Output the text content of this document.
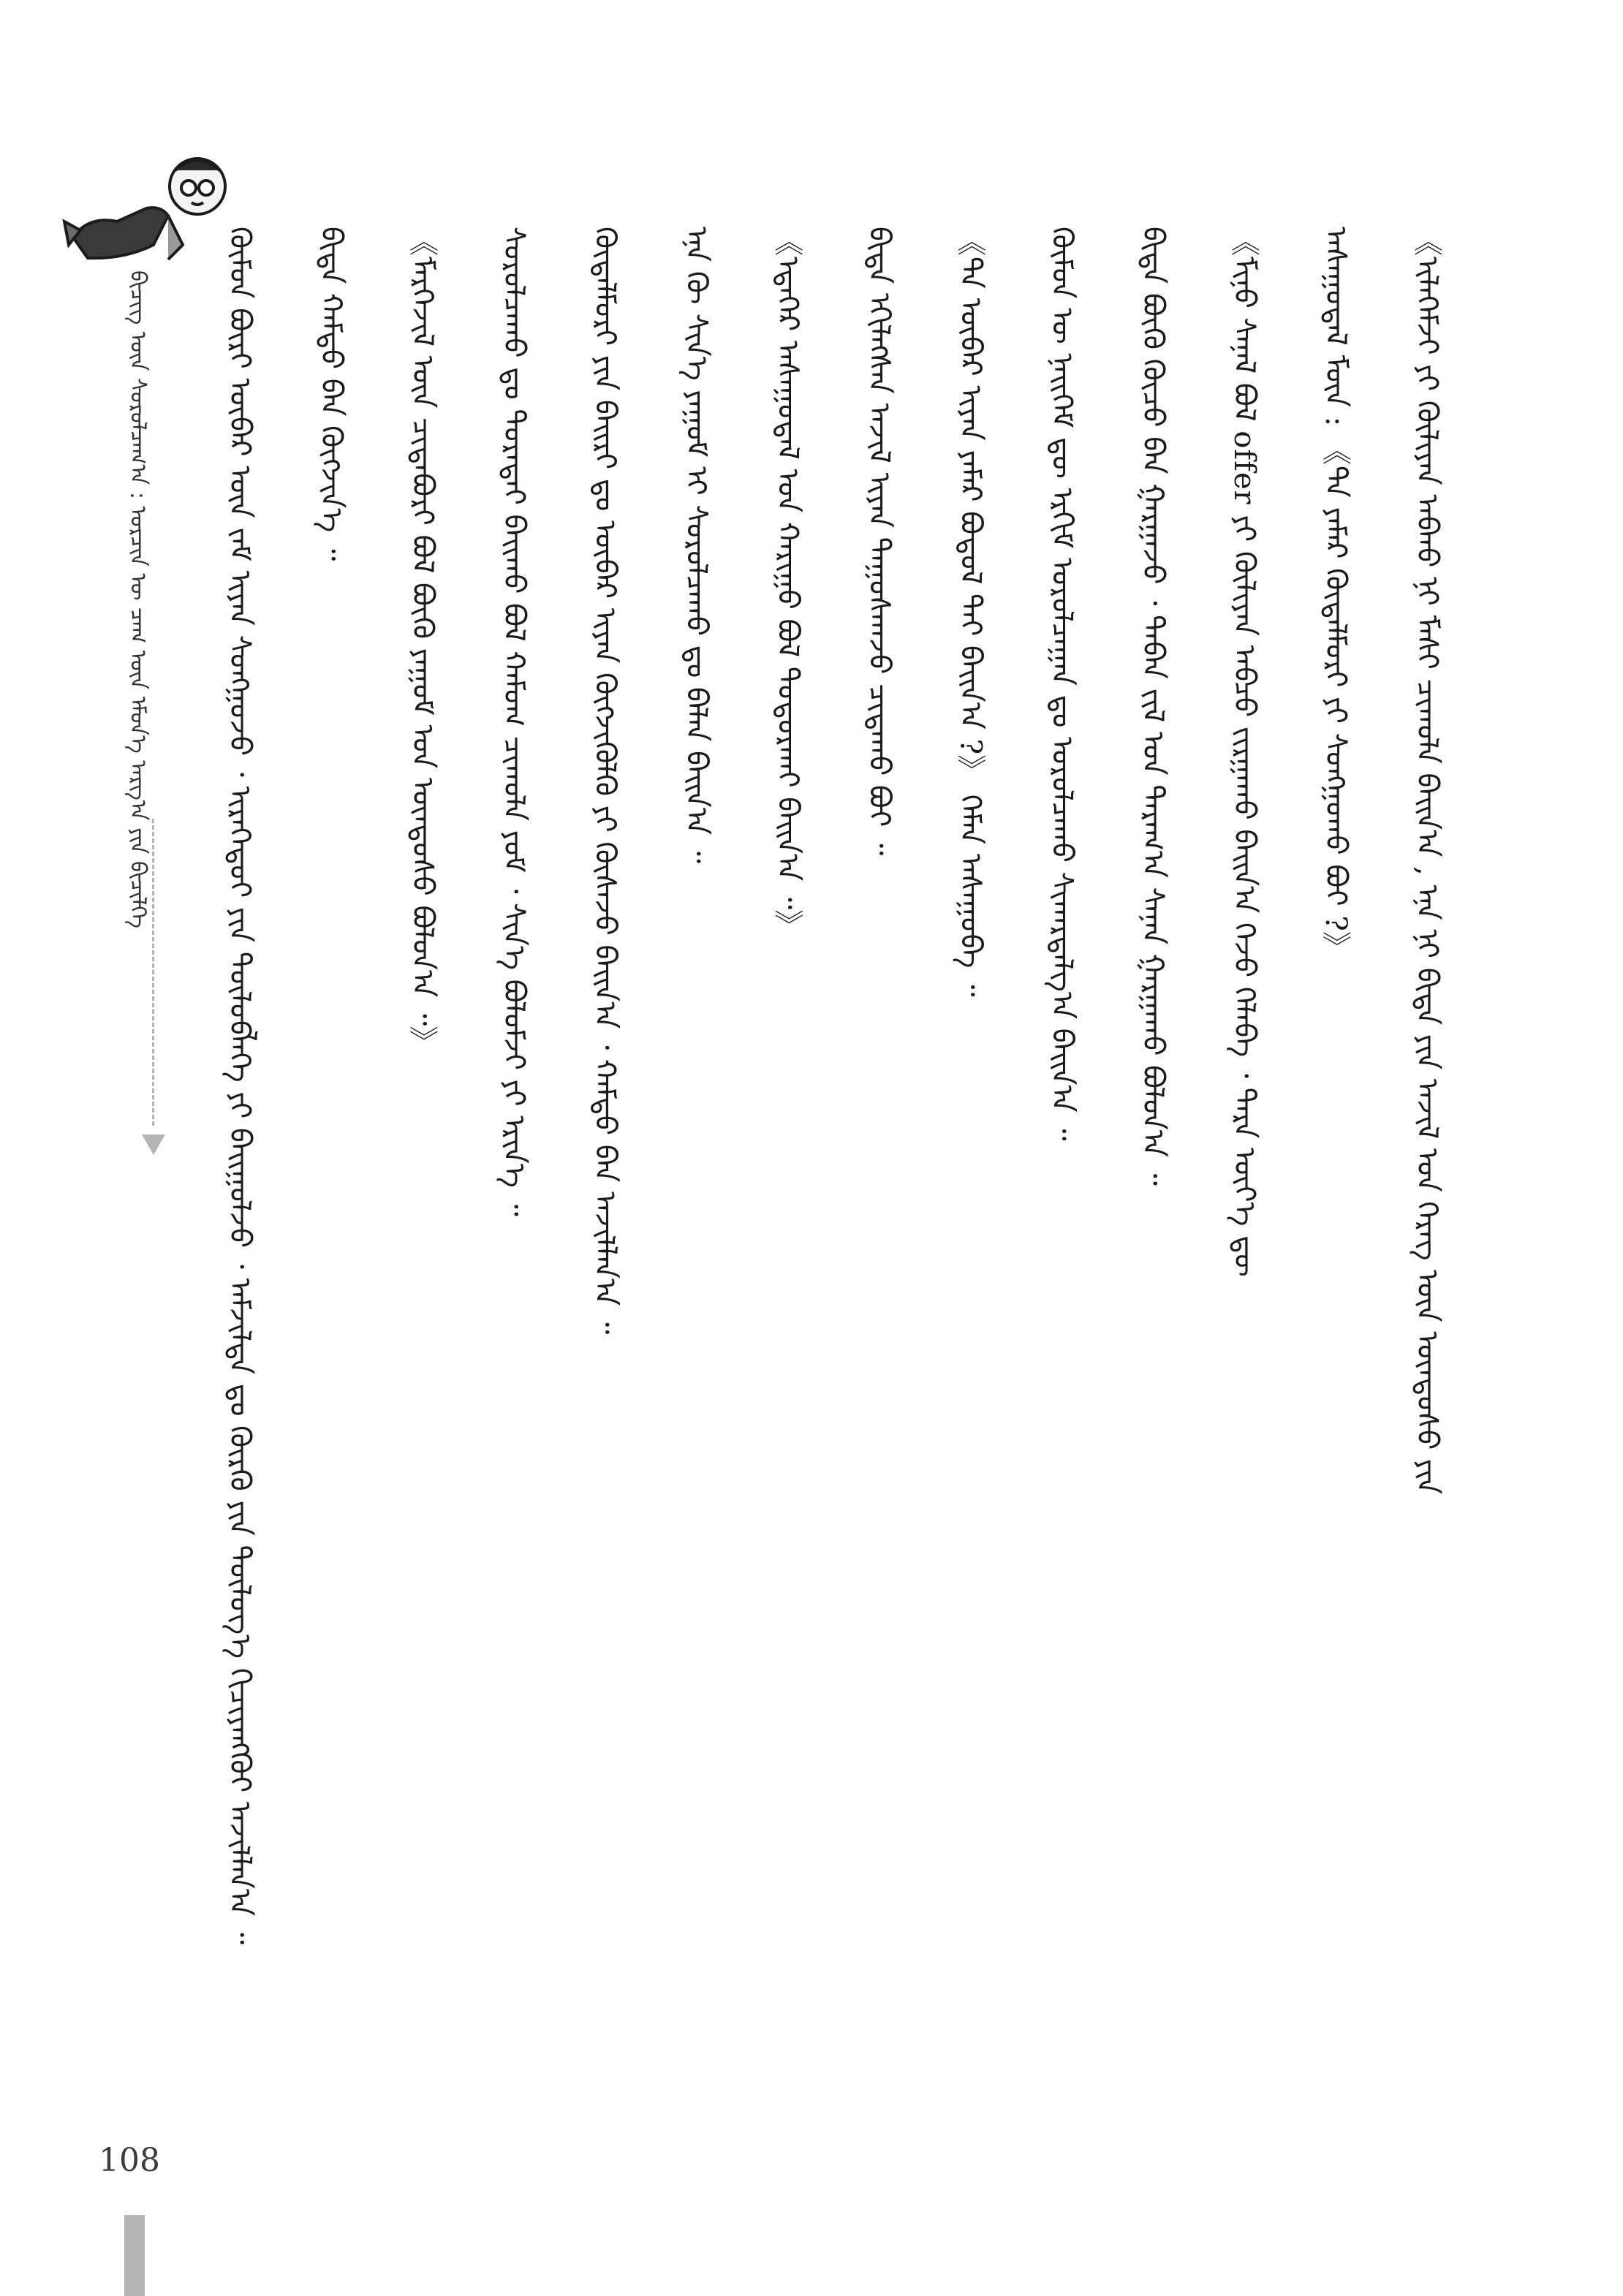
ᠪᠢᠴᠢᠭ᠌ ᠦᠨ ᠰᠤᠷᠤᠯᠴᠠᠭ᠎ᠠ : ᠣᠷᠴᠢᠨ ᠦ ᠴᠠᠭ ᠦᠨ ᠡᠮᠦᠨ᠎ᠡ ᠠᠷᠭ᠎ᠠ ᠶᠢᠨ ᠪᠢᠴᠢᠯᠭᠡ	《ᠢᠯᠡᠭᠡᠮᠵᠢ ᠶᠢ ᠬᠦᠯᠢᠶᠡᠨ ᠠᠪᠬᠤ ᠨᠢ ᠮᠠᠰᠢ ᠴᠢᠬᠤᠯᠠ ᠪᠠᠢᠨ᠎ᠠ , ᠡᠨᠡ ᠨᠢ ᠪᠢᠳᠡ ᠶᠢᠨ ᠠᠵᠢᠯ ᠤᠨ ᠬᠡᠷᠡᠭ ᠦᠨ ᠦᠨᠳᠦᠰᠦ ᠶᠢᠨ
ᠠᠰᠠᠭᠤᠳᠠᠯ ᠮᠥᠨ : 《ᠲᠠ ᠶᠠᠮᠠᠷ ᠬᠥᠳᠡᠯᠮᠦᠷᠢ ᠶᠢ ᠰᠣᠩᠭᠣᠬᠤ ᠪᠤᠢ ?》
《ᠮᠢᠨᠦ ᠰᠠᠨᠠᠯ ᠪᠣᠯ offer ᠶᠢ ᠬᠦᠯᠢᠶᠡᠨ ᠠᠪᠴᠤ ᠵᠢᠷᠭᠠᠬᠤ ᠪᠠᠢᠨ᠎ᠠ ᠭᠡᠵᠦ ᠬᠡᠯᠡᠪᠡ ᠂ ᠲᠡᠷᠡ ᠦᠶ᠎ᠡ ᠳᠦ
ᠪᠢᠳᠡ ᠪᠦᠬᠦ ᠬᠦᠴᠦ ᠪᠡᠨ ᠭᠠᠷᠭᠠᠵᠤ ᠂ ᠲᠠᠪᠠᠨ ᠵᠢᠯ ᠤᠨ ᠳᠠᠷᠠᠭ᠎ᠠ ᠰᠠᠨᠠᠨ ᠭᠠᠷᠭᠠᠬᠤ ᠪᠣᠯᠤᠨ᠎ᠠ ᠃
ᠬᠦᠮᠦᠨ ᠦ ᠨᠡᠢᠭᠡᠮ ᠳᠦ ᠡᠷᠬᠢᠮ ᠤᠷᠤᠯᠴᠠᠭᠠᠨ ᠳᠤ ᠣᠷᠤᠯᠴᠠᠬᠤ ᠰᠢᠬᠠᠷᠳᠠᠯᠭ᠎ᠠ ᠪᠠᠢᠨ᠎ᠠ ᠃
《ᠲᠠ ᠥᠪᠡᠷ ᠢᠶᠡᠨ ᠶᠠᠮᠠᠷ ᠪᠣᠳᠣᠯ ᠲᠠᠢ ᠪᠠᠢᠨ᠎ᠠ ?》 ᠬᠡᠮᠡᠨ ᠠᠰᠠᠭᠤᠪᠠ ᠃
ᠪᠢᠳᠡ ᠡᠬᠢᠯᠡᠭᠰᠡᠨ ᠠᠵᠢᠯ ᠢᠶᠠᠨ ᠳᠠᠭᠤᠰᠬᠠᠵᠤ ᠴᠢᠳᠠᠬᠤ ᠪᠤᠢ ᠃
《ᠡᠳᠡᠭᠡᠷ ᠠᠰᠠᠭᠤᠳᠠᠯ ᠤᠨ ᠬᠠᠷᠢᠭᠤ ᠪᠣᠯ ᠲᠣᠳᠣᠷᠬᠠᠢ ᠪᠠᠢᠨ᠎ᠠ ᠃》
ᠡᠨᠡ ᠬᠦ ᠰᠢᠨ᠎ᠡ ᠶᠠᠭᠤᠮ ᠢ ᠰᠤᠷᠤᠯᠴᠠᠬᠤ ᠳᠤ ᠪᠡᠯᠡᠨ ᠪᠠᠢᠨ᠎ᠠ ᠃
ᠬᠥᠳᠡᠯᠮᠦᠷᠢ ᠶᠢᠨ ᠪᠠᠢᠷᠢ ᠳᠤ ᠥᠪᠡᠷ ᠢᠶᠡᠨ ᠬᠥᠭᠵᠢᠭᠦᠯᠬᠦ ᠶᠢ ᠬᠦᠰᠡᠵᠦ ᠪᠠᠢᠨ᠎ᠠ ᠂ ᠬᠠᠮᠲᠤ ᠪᠡᠨ ᠠᠵᠢᠯᠯᠠᠨ᠎ᠠ ᠃
ᠰᠤᠷᠤᠯᠴᠠᠬᠤ ᠳᠤ ᠳᠤᠷᠠᠲᠠᠢ ᠪᠠᠢᠬᠤ ᠪᠣᠯ ᠬᠠᠮᠤᠭ ᠴᠢᠬᠤᠯᠠ ᠶᠤᠮ ᠂ ᠰᠢᠨ᠎ᠡ ᠪᠣᠯᠤᠮᠵᠢ ᠶᠢ ᠡᠷᠢᠨ᠎ᠡ ᠃
《ᠮᠡᠷᠭᠡᠵᠢᠯ ᠦᠨ ᠴᠢᠳᠠᠪᠤᠷᠢ ᠪᠣᠯ ᠪᠦᠬᠦ ᠶᠠᠭᠤᠮ ᠤᠨ ᠦᠨᠳᠦᠰᠦ ᠪᠣᠯᠤᠨ᠎ᠠ ᠃》
ᠪᠢᠳᠡ ᠬᠠᠮᠲᠤ ᠪᠡᠨ ᠬᠥᠭᠵᠢᠨ᠎ᠡ ᠃
ᠬᠦᠮᠦᠨ ᠪᠦᠷᠢ ᠥᠪᠡᠷ ᠦᠨ ᠵᠠᠮ ᠢᠶᠠᠨ ᠰᠣᠩᠭᠣᠵᠤ ᠂ ᠢᠷᠡᠭᠡᠳᠦᠢ ᠶᠢᠨ ᠲᠥᠯᠦᠪᠯᠡᠭᠡ ᠶᠢ ᠪᠠᠢᠭᠤᠯᠵᠤ ᠂ ᠠᠮᠵᠢᠯᠲᠠ ᠳᠤ ᠬᠦᠷᠬᠦ ᠶᠢᠨ ᠲᠥᠯᠥᠭ᠎ᠡ ᠬᠢᠴᠢᠶᠡᠩᠭᠦᠢ ᠠᠵᠢᠯᠯᠠᠨ᠎ᠠ ᠃
108
